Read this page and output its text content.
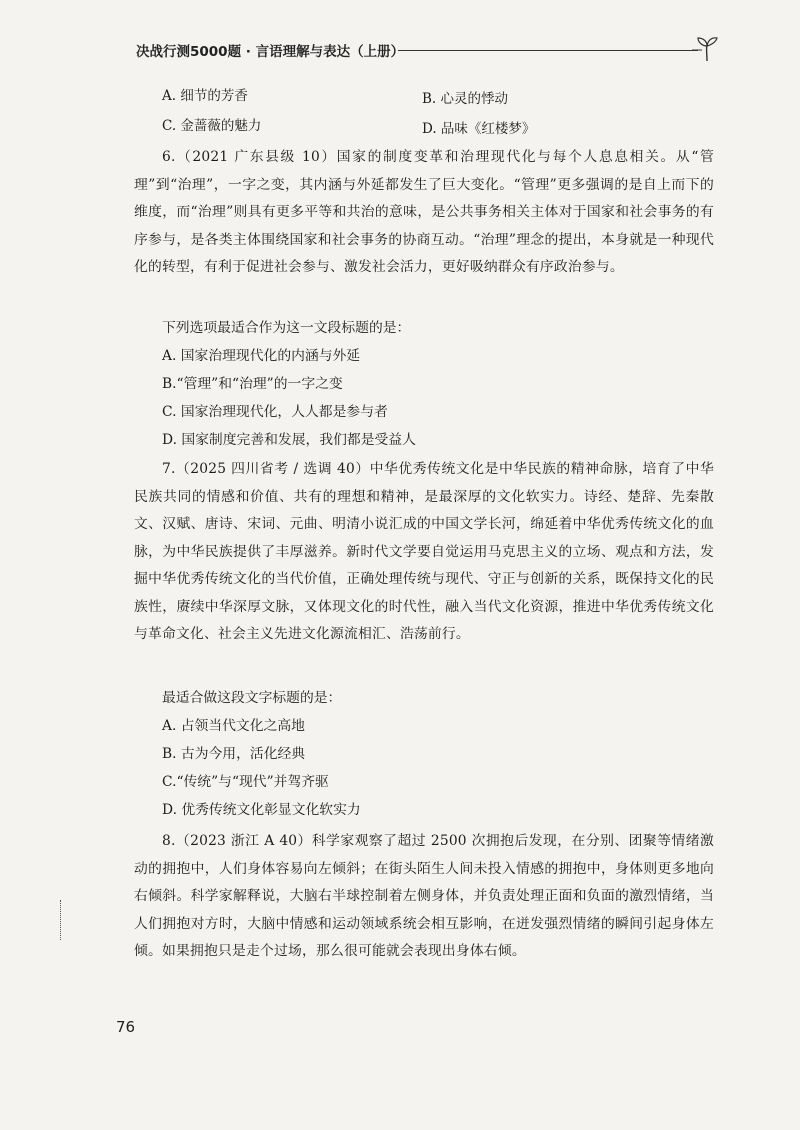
决战行测5000题 · 言语理解与表达（上册）
A. 细节的芳香	B. 心灵的悸动
C. 金蔷薇的魅力	D. 品味《红楼梦》

6.（2021 广东县级 10）国家的制度变革和治理现代化与每个人息息相关。从“管理”到“治理”，一字之变，其内涵与外延都发生了巨大变化。“管理”更多强调的是自上而下的维度，而“治理”则具有更多平等和共治的意味，是公共事务相关主体对于国家和社会事务的有序参与，是各类主体围绕国家和社会事务的协商互动。“治理”理念的提出，本身就是一种现代化的转型，有利于促进社会参与、激发社会活力，更好吸纳群众有序政治参与。

下列选项最适合作为这一文段标题的是：
A. 国家治理现代化的内涵与外延
B.“管理”和“治理”的一字之变
C. 国家治理现代化，人人都是参与者
D. 国家制度完善和发展，我们都是受益人

7.（2025 四川省考 / 选调 40）中华优秀传统文化是中华民族的精神命脉，培育了中华民族共同的情感和价值、共有的理想和精神，是最深厚的文化软实力。诗经、楚辞、先秦散文、汉赋、唐诗、宋词、元曲、明清小说汇成的中国文学长河，绵延着中华优秀传统文化的血脉，为中华民族提供了丰厚滋养。新时代文学要自觉运用马克思主义的立场、观点和方法，发掘中华优秀传统文化的当代价值，正确处理传统与现代、守正与创新的关系，既保持文化的民族性，赓续中华深厚文脉，又体现文化的时代性，融入当代文化资源，推进中华优秀传统文化与革命文化、社会主义先进文化源流相汇、浩荡前行。

最适合做这段文字标题的是：
A. 占领当代文化之高地
B. 古为今用，活化经典
C.“传统”与“现代”并驾齐驱
D. 优秀传统文化彰显文化软实力

8.（2023 浙江 A 40）科学家观察了超过 2500 次拥抱后发现，在分别、团聚等情绪激动的拥抱中，人们身体容易向左倾斜；在街头陌生人间未投入情感的拥抱中，身体则更多地向右倾斜。科学家解释说，大脑右半球控制着左侧身体，并负责处理正面和负面的激烈情绪，当人们拥抱对方时，大脑中情感和运动领域系统会相互影响，在迸发强烈情绪的瞬间引起身体左倾。如果拥抱只是走个过场，那么很可能就会表现出身体右倾。

76
